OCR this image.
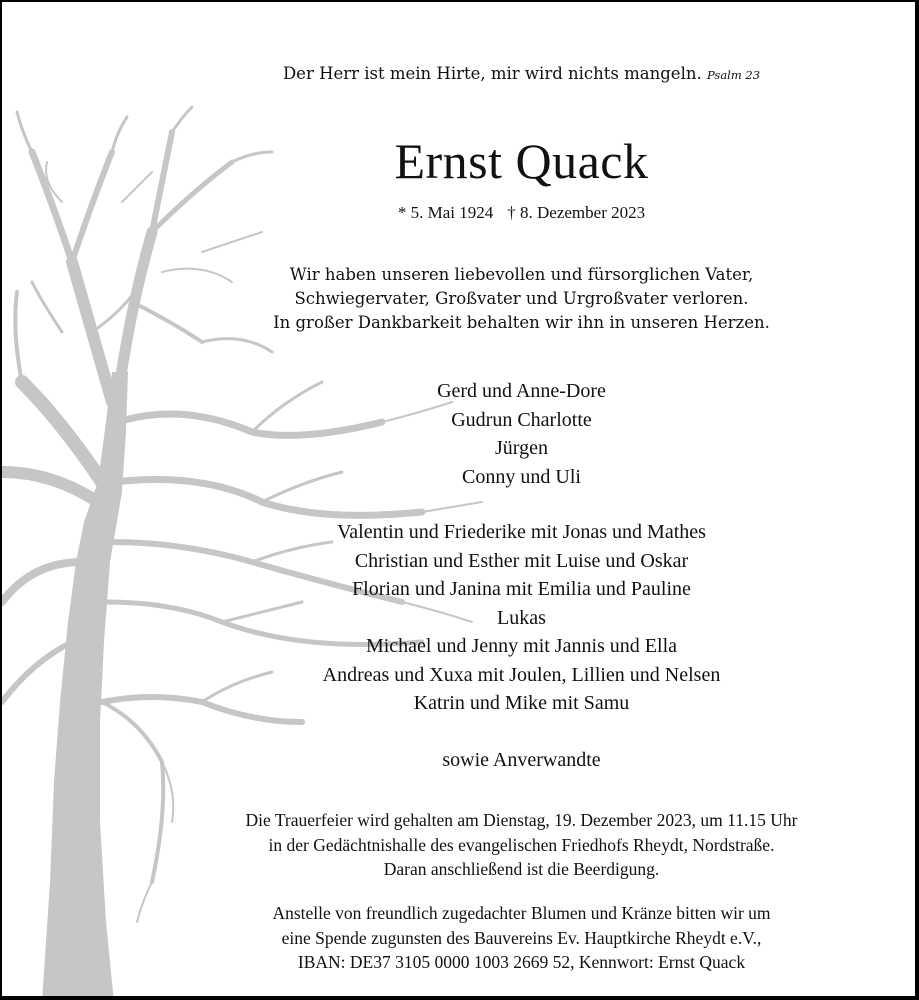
Der Herr ist mein Hirte, mir wird nichts mangeln. Psalm 23
Ernst Quack
* 5. Mai 1924 † 8. Dezember 2023
Wir haben unseren liebevollen und fürsorglichen Vater,
Schwiegervater, Großvater und Urgroßvater verloren.
In großer Dankbarkeit behalten wir ihn in unseren Herzen.
Gerd und Anne-Dore
Gudrun Charlotte
Jürgen
Conny und Uli
Valentin und Friederike mit Jonas und Mathes
Christian und Esther mit Luise und Oskar
Florian und Janina mit Emilia und Pauline
Lukas
Michael und Jenny mit Jannis und Ella
Andreas und Xuxa mit Joulen, Lillien und Nelsen
Katrin und Mike mit Samu
sowie Anverwandte
Die Trauerfeier wird gehalten am Dienstag, 19. Dezember 2023, um 11.15 Uhr
in der Gedächtnishalle des evangelischen Friedhofs Rheydt, Nordstraße.
Daran anschließend ist die Beerdigung.
Anstelle von freundlich zugedachter Blumen und Kränze bitten wir um
eine Spende zugunsten des Bauvereins Ev. Hauptkirche Rheydt e.V.,
IBAN: DE37 3105 0000 1003 2669 52, Kennwort: Ernst Quack
